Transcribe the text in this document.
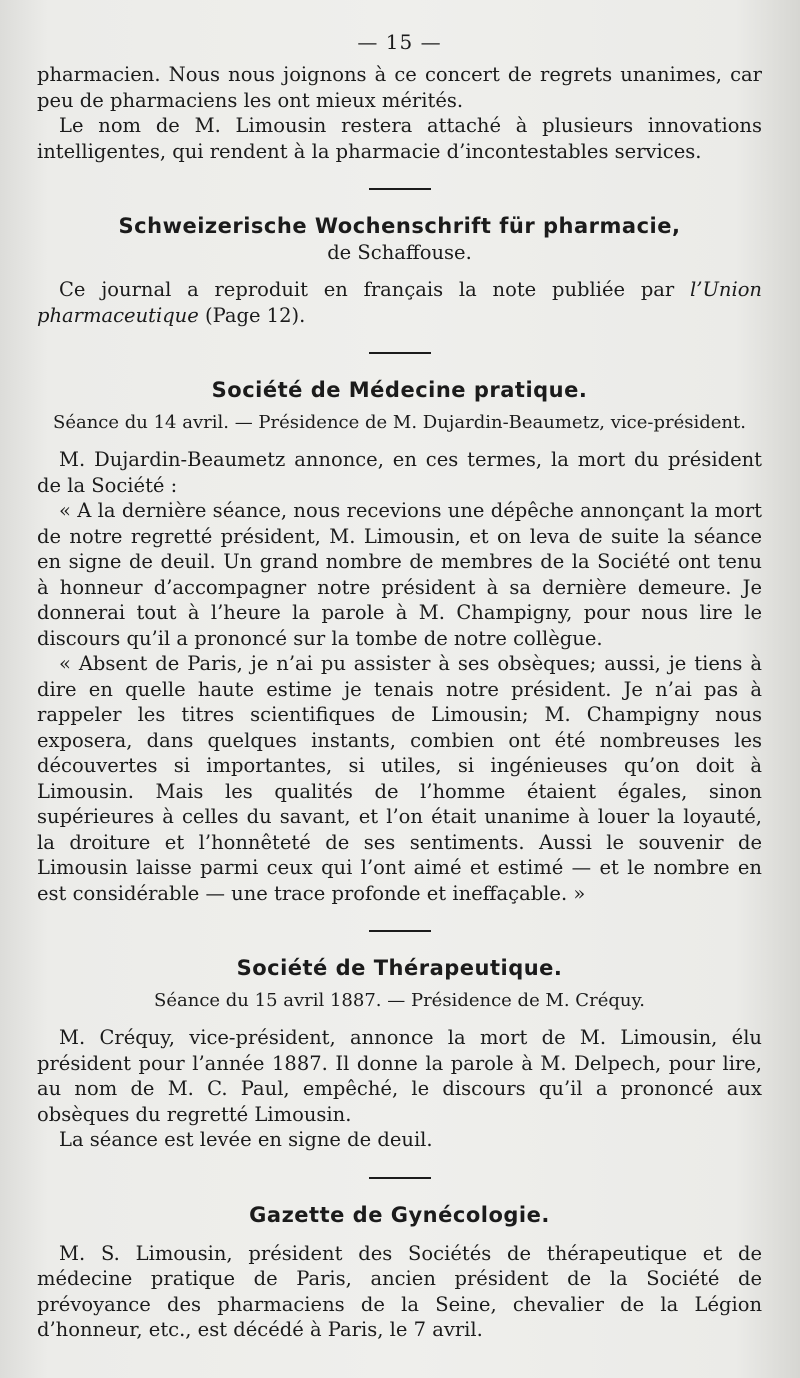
— 15 —

pharmacien. Nous nous joignons à ce concert de regrets unanimes, car peu de pharmaciens les ont mieux mérités.

Le nom de M. Limousin restera attaché à plusieurs innovations intelligentes, qui rendent à la pharmacie d’incontestables services.

Schweizerische Wochenschrift für pharmacie,
de Schaffouse.

Ce journal a reproduit en français la note publiée par l’Union pharmaceutique (Page 12).

Société de Médecine pratique.
Séance du 14 avril. — Présidence de M. Dujardin-Beaumetz, vice-président.

M. Dujardin-Beaumetz annonce, en ces termes, la mort du président de la Société :

« A la dernière séance, nous recevions une dépêche annonçant la mort de notre regretté président, M. Limousin, et on leva de suite la séance en signe de deuil. Un grand nombre de membres de la Société ont tenu à honneur d’accompagner notre président à sa dernière demeure. Je donnerai tout à l’heure la parole à M. Champigny, pour nous lire le discours qu’il a prononcé sur la tombe de notre collègue.

« Absent de Paris, je n’ai pu assister à ses obsèques; aussi, je tiens à dire en quelle haute estime je tenais notre président. Je n’ai pas à rappeler les titres scientifiques de Limousin; M. Champigny nous exposera, dans quelques instants, combien ont été nombreuses les découvertes si importantes, si utiles, si ingénieuses qu’on doit à Limousin. Mais les qualités de l’homme étaient égales, sinon supérieures à celles du savant, et l’on était unanime à louer la loyauté, la droiture et l’honnêteté de ses sentiments. Aussi le souvenir de Limousin laisse parmi ceux qui l’ont aimé et estimé — et le nombre en est considérable — une trace profonde et ineffaçable. »

Société de Thérapeutique.
Séance du 15 avril 1887. — Présidence de M. Créquy.

M. Créquy, vice-président, annonce la mort de M. Limousin, élu président pour l’année 1887. Il donne la parole à M. Delpech, pour lire, au nom de M. C. Paul, empêché, le discours qu’il a prononcé aux obsèques du regretté Limousin.

La séance est levée en signe de deuil.

Gazette de Gynécologie.

M. S. Limousin, président des Sociétés de thérapeutique et de médecine pratique de Paris, ancien président de la Société de prévoyance des pharmaciens de la Seine, chevalier de la Légion d’honneur, etc., est décédé à Paris, le 7 avril.
